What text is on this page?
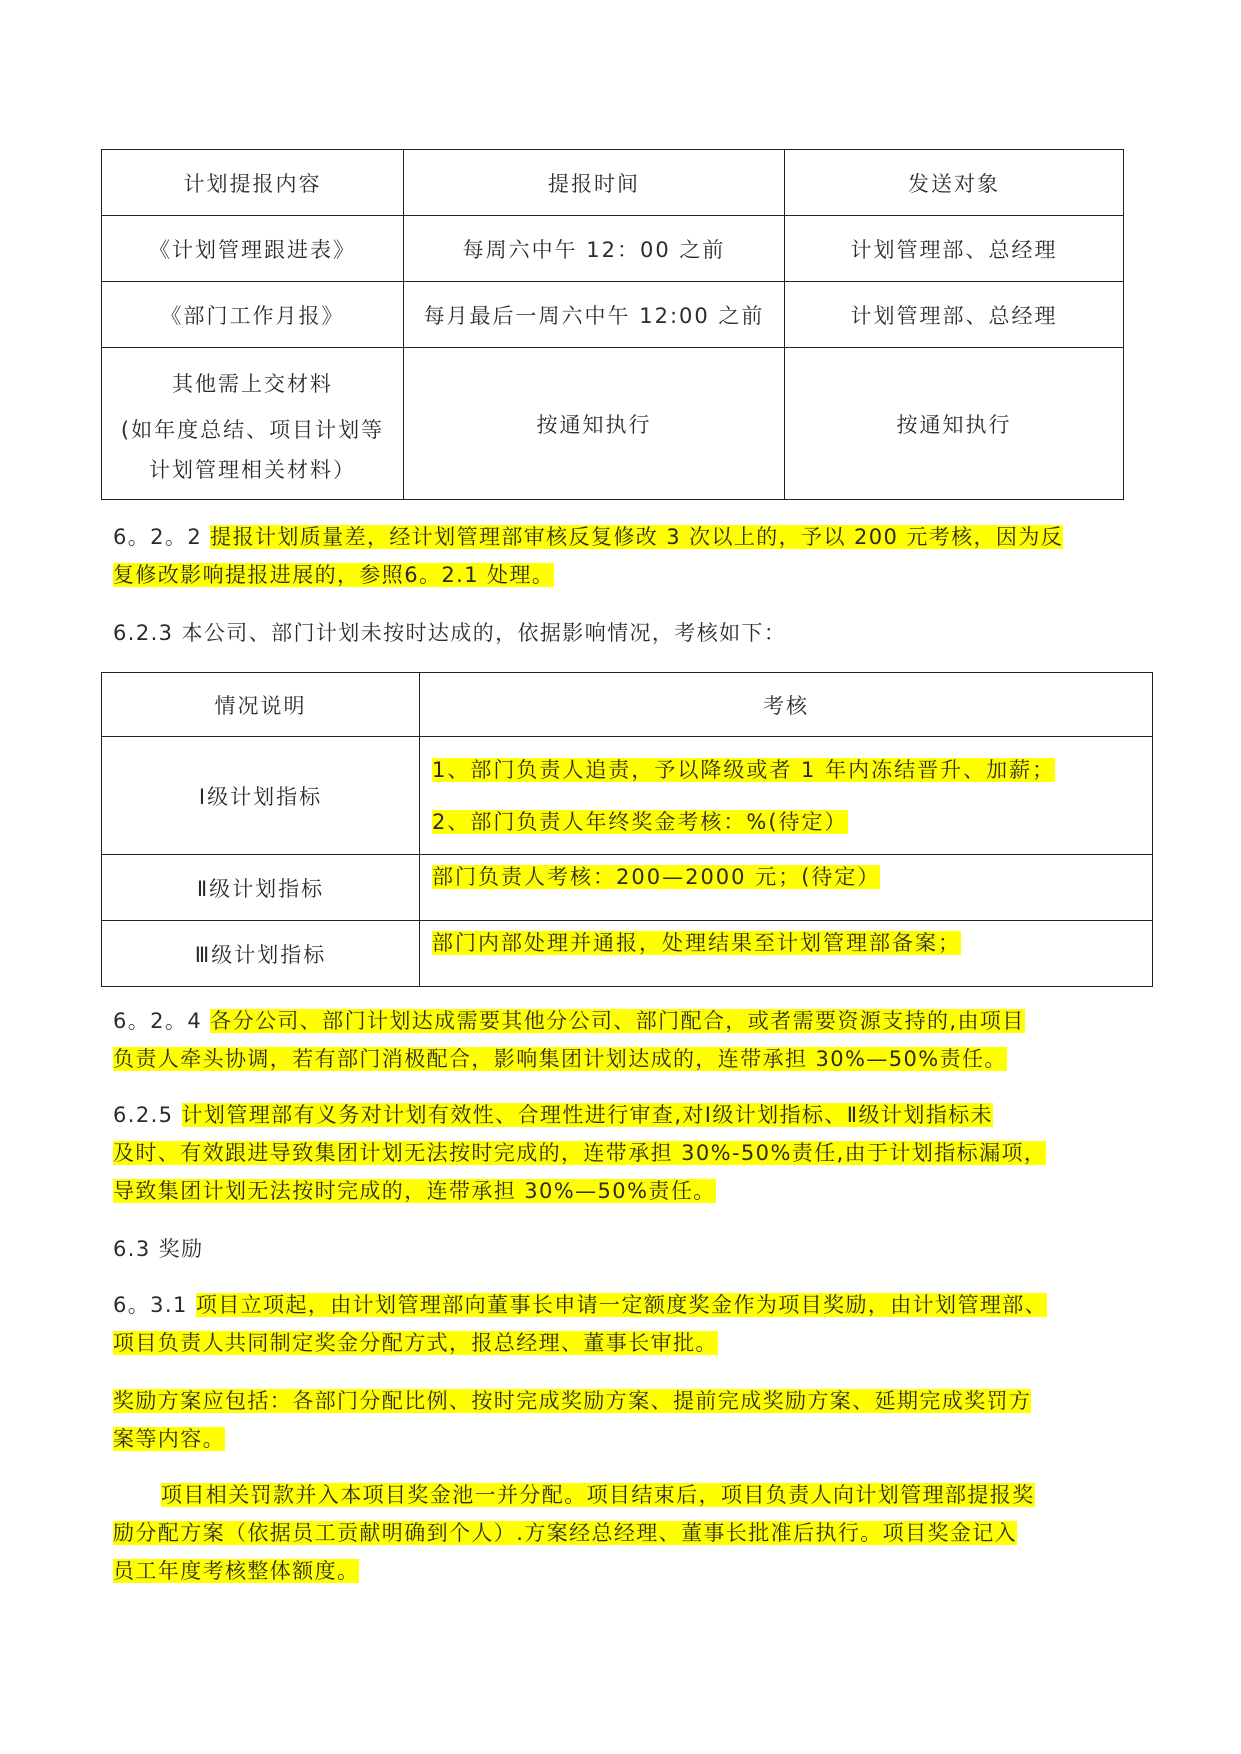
计划提报内容	提报时间	发送对象
《计划管理跟进表》	每周六中午 12：00 之前	计划管理部、总经理
《部门工作月报》	每月最后一周六中午 12:00 之前	计划管理部、总经理

其他需上交材料

(如年度总结、项目计划等

计划管理相关材料）	按通知执行	按通知执行

6。2。2 提报计划质量差，经计划管理部审核反复修改 3 次以上的，予以 200 元考核，因为反
复修改影响提报进展的，参照6。2.1 处理。

6.2.3 本公司、部门计划未按时达成的，依据影响情况，考核如下：

情况说明	考核
Ⅰ级计划指标	1、部门负责人追责，予以降级或者 1 年内冻结晋升、加薪；

2、部门负责人年终奖金考核：%(待定）

Ⅱ级计划指标	部门负责人考核：200—2000 元；(待定）
Ⅲ级计划指标	部门内部处理并通报，处理结果至计划管理部备案；

6。2。4 各分公司、部门计划达成需要其他分公司、部门配合，或者需要资源支持的,由项目
负责人牵头协调，若有部门消极配合，影响集团计划达成的，连带承担 30%—50%责任。

6.2.5 计划管理部有义务对计划有效性、合理性进行审查,对Ⅰ级计划指标、Ⅱ级计划指标未
及时、有效跟进导致集团计划无法按时完成的，连带承担 30%-50%责任,由于计划指标漏项，
导致集团计划无法按时完成的，连带承担 30%—50%责任。

6.3 奖励

6。3.1 项目立项起，由计划管理部向董事长申请一定额度奖金作为项目奖励，由计划管理部、
项目负责人共同制定奖金分配方式，报总经理、董事长审批。

奖励方案应包括：各部门分配比例、按时完成奖励方案、提前完成奖励方案、延期完成奖罚方
案等内容。

项目相关罚款并入本项目奖金池一并分配。项目结束后，项目负责人向计划管理部提报奖
励分配方案（依据员工贡献明确到个人）.方案经总经理、董事长批准后执行。项目奖金记入
员工年度考核整体额度。
